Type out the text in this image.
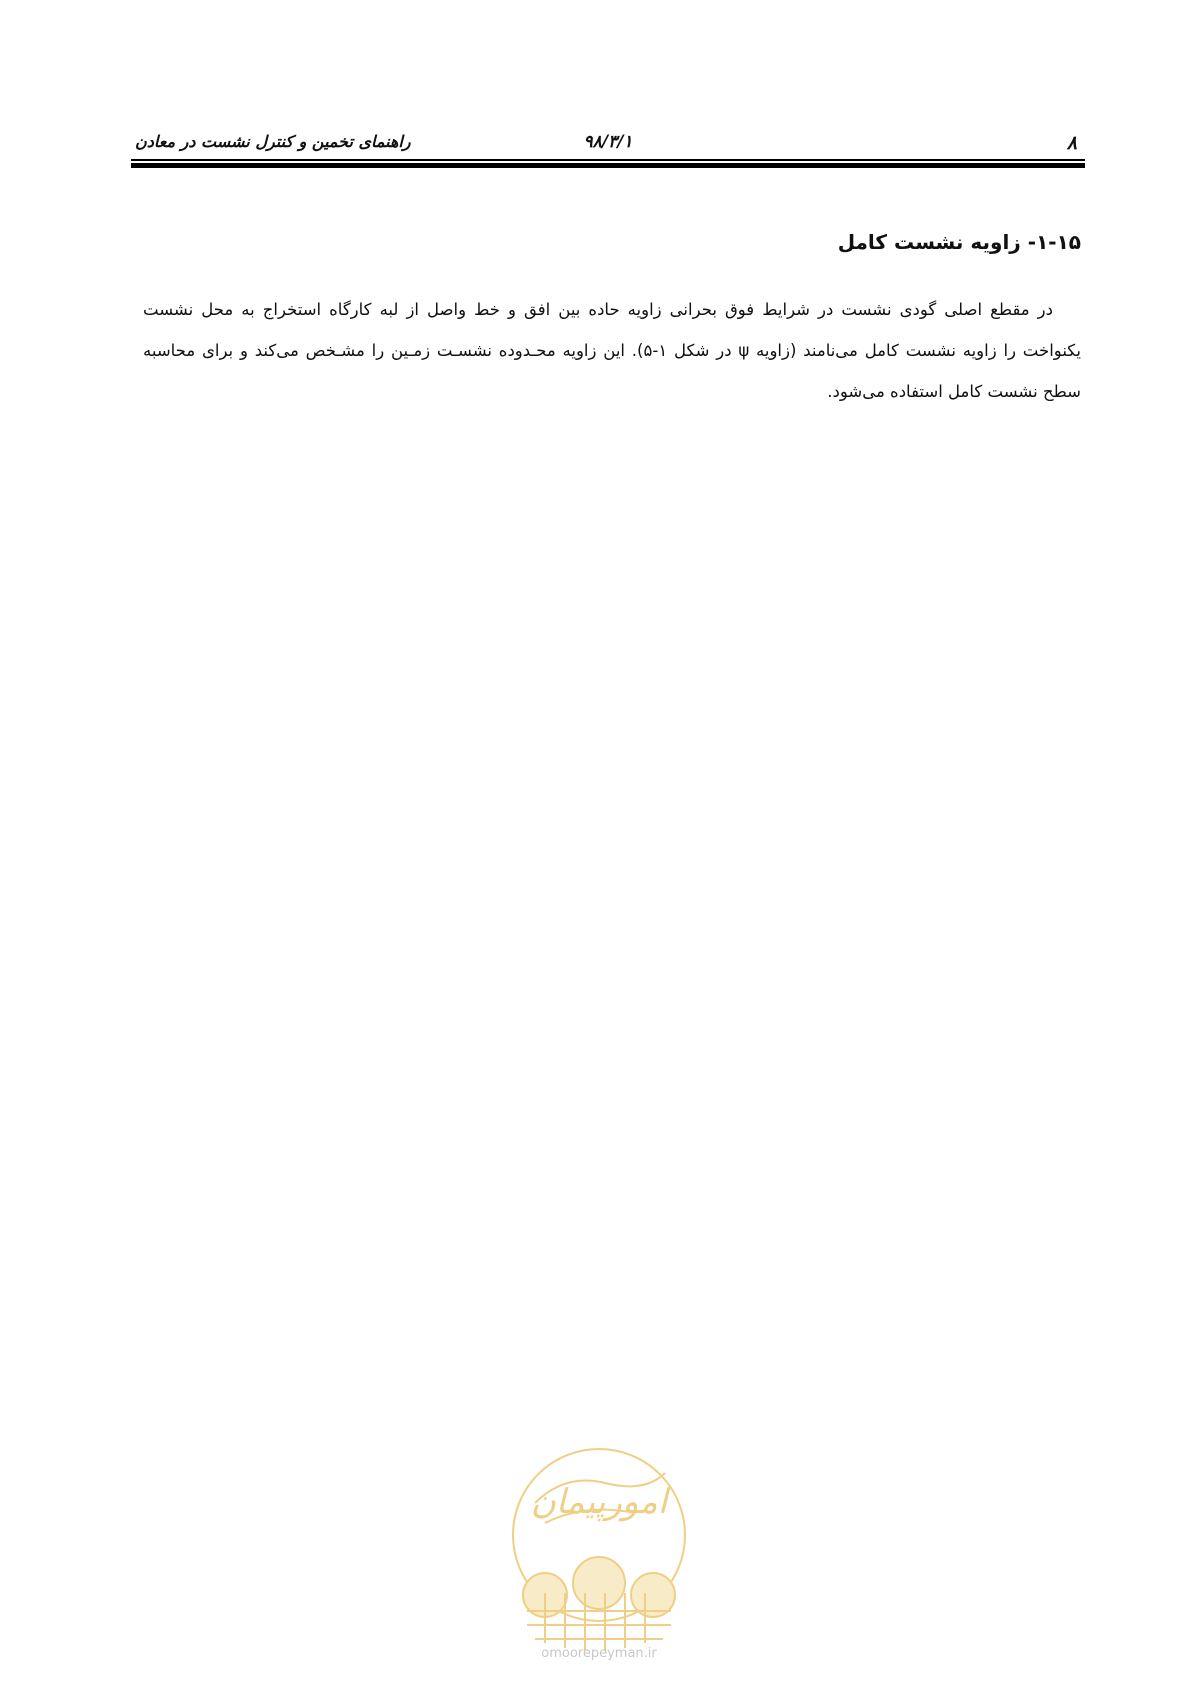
۸
۹۸/۳/۱
راهنمای تخمین و کنترل نشست در معادن
۱-۱۵- زاویه نشست کامل

در مقطع اصلی گودی نشست در شرایط فوق بحرانی زاویه حاده بین افق و خط واصل از لبه کارگاه استخراج به محل نشست یکنواخت را زاویه نشست کامل می‌نامند (زاویه ψ در شکل ۱-۵). این زاویه محـدوده نشسـت زمـین را مشـخص می‌کند و برای محاسبه سطح نشست کامل استفاده می‌شود.

امورپیمان
omoorepeyman.ir
